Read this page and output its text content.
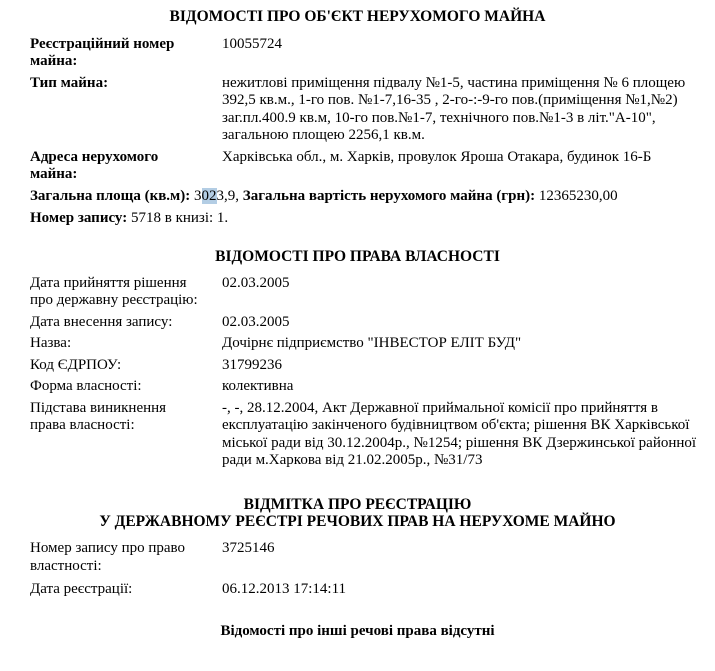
ВІДОМОСТІ ПРО ОБ'ЄКТ НЕРУХОМОГО МАЙНА
Реєстраційний номер майна:
10055724
Тип майна:	нежитлові приміщення підвалу №1-5, частина приміщення № 6 площею 392,5 кв.м., 1-го пов. №1-7,16-35 , 2-го-:-9-го пов.(приміщення №1,№2) заг.пл.400.9 кв.м, 10-го пов.№1-7, технічного пов.№1-3 в літ."А-10", загальною площею 2256,1 кв.м.
Адреса нерухомого майна:
Харківська обл., м. Харків, провулок Яроша Отакара, будинок 16-Б

Загальна площа (кв.м): 3023,9, Загальна вартість нерухомого майна (грн): 12365230,00

Номер запису: 5718 в книзі: 1.

ВІДОМОСТІ ПРО ПРАВА ВЛАСНОСТІ
Дата прийняття рішення про державну реєстрацію:
02.03.2005
Дата внесення запису:	02.03.2005
Назва:	Дочірнє підприємство "ІНВЕСТОР ЕЛІТ БУД"
Код ЄДРПОУ:	31799236
Форма власності:	колективна
Підстава виникнення права власності:
-, -, 28.12.2004, Акт Державної приймальної комісії про прийняття в експлуатацію закінченого будівництвом об'єкта; рішення ВК Харківської міської ради від 30.12.2004р., №1254; рішення ВК Дзержинської районної ради м.Харкова від 21.02.2005р., №31/73
ВІДМІТКА ПРО РЕЄСТРАЦІЮ
У ДЕРЖАВНОМУ РЕЄСТРІ РЕЧОВИХ ПРАВ НА НЕРУХОМЕ МАЙНО
Номер запису про право властності:
3725146
Дата реєстрації:	06.12.2013 17:14:11

Відомості про інші речові права відсутні
